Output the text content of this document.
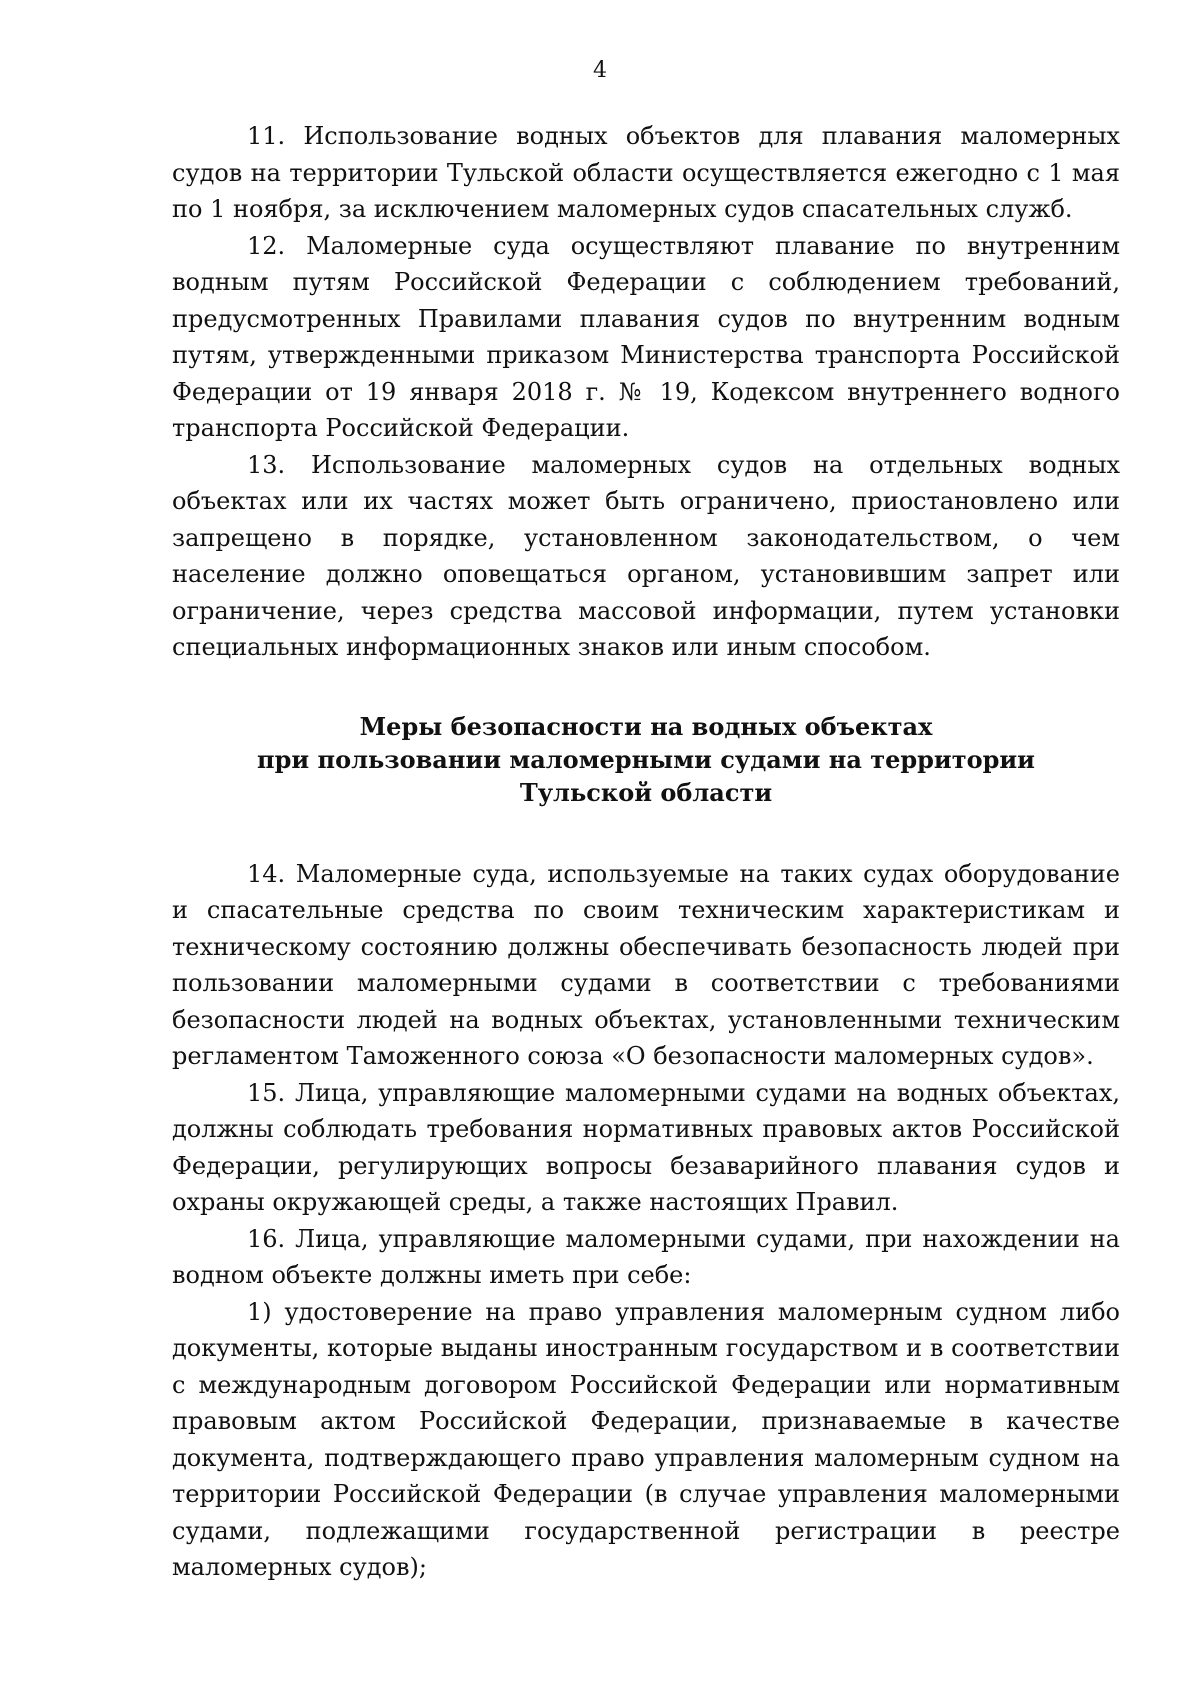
4

11. Использование водных объектов для плавания маломерных судов на территории Тульской области осуществляется ежегодно с 1 мая по 1 ноября, за исключением маломерных судов спасательных служб.

12. Маломерные суда осуществляют плавание по внутренним водным путям Российской Федерации с соблюдением требований, предусмотренных Правилами плавания судов по внутренним водным путям, утвержденными приказом Министерства транспорта Российской Федерации от 19 января 2018 г. № 19, Кодексом внутреннего водного транспорта Российской Федерации.

13. Использование маломерных судов на отдельных водных объектах или их частях может быть ограничено, приостановлено или запрещено в порядке, установленном законодательством, о чем население должно оповещаться органом, установившим запрет или ограничение, через средства массовой информации, путем установки специальных информационных знаков или иным способом.

Меры безопасности на водных объектах
при пользовании маломерными судами на территории
Тульской области

14. Маломерные суда, используемые на таких судах оборудование и спасательные средства по своим техническим характеристикам и техническому состоянию должны обеспечивать безопасность людей при пользовании маломерными судами в соответствии с требованиями безопасности людей на водных объектах, установленными техническим регламентом Таможенного союза «О безопасности маломерных судов».

15. Лица, управляющие маломерными судами на водных объектах, должны соблюдать требования нормативных правовых актов Российской Федерации, регулирующих вопросы безаварийного плавания судов и охраны окружающей среды, а также настоящих Правил.

16. Лица, управляющие маломерными судами, при нахождении на водном объекте должны иметь при себе:

1) удостоверение на право управления маломерным судном либо документы, которые выданы иностранным государством и в соответствии с международным договором Российской Федерации или нормативным правовым актом Российской Федерации, признаваемые в качестве документа, подтверждающего право управления маломерным судном на территории Российской Федерации (в случае управления маломерными судами, подлежащими государственной регистрации в реестре маломерных судов);
